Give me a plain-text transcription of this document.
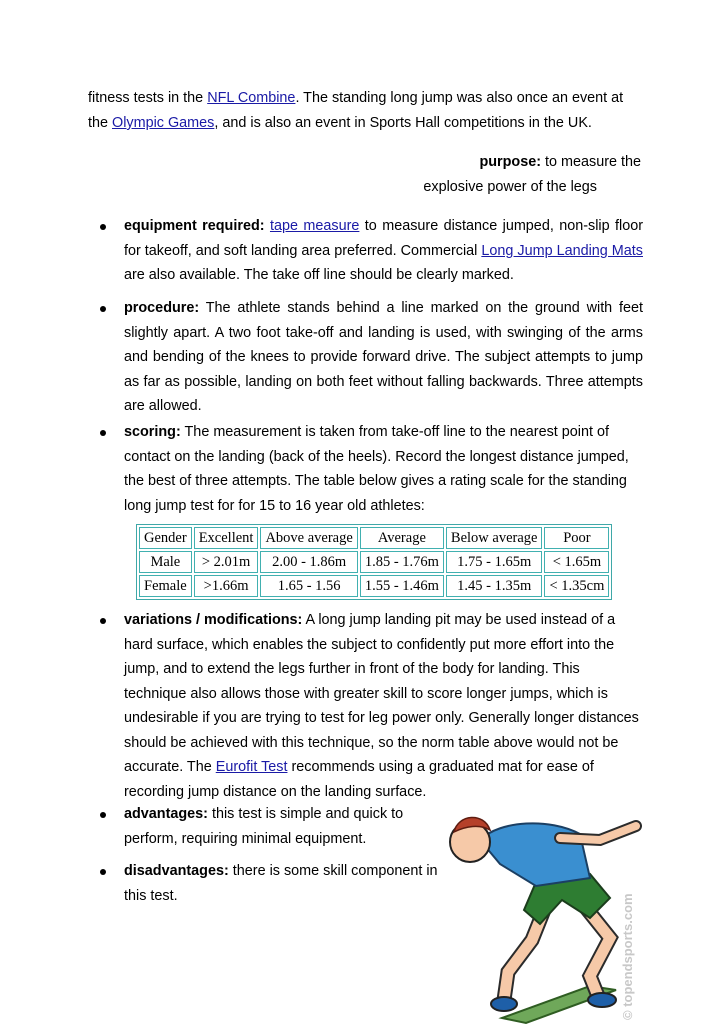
fitness tests in the NFL Combine. The standing long jump was also once an event at
the Olympic Games, and is also an event in Sports Hall competitions in the UK.

purpose: to measure the
explosive power of the legs

equipment required: tape measure to measure distance jumped, non-slip floor for takeoff, and soft landing area preferred. Commercial Long Jump Landing Mats are also available. The take off line should be clearly marked.
procedure: The athlete stands behind a line marked on the ground with feet slightly apart. A two foot take-off and landing is used, with swinging of the arms and bending of the knees to provide forward drive. The subject attempts to jump as far as possible, landing on both feet without falling backwards. Three attempts are allowed.
scoring: The measurement is taken from take-off line to the nearest point of contact on the landing (back of the heels). Record the longest distance jumped, the best of three attempts. The table below gives a rating scale for the standing long jump test for for 15 to 16 year old athletes:
variations / modifications: A long jump landing pit may be used instead of a hard surface, which enables the subject to confidently put more effort into the jump, and to extend the legs further in front of the body for landing. This technique also allows those with greater skill to score longer jumps, which is undesirable if you are trying to test for leg power only. Generally longer distances should be achieved with this technique, so the norm table above would not be accurate. The Eurofit Test recommends using a graduated mat for ease of recording jump distance on the landing surface.
advantages: this test is simple and quick to perform, requiring minimal equipment.
disadvantages: there is some skill component in this test.
Gender	Excellent	Above average	Average	Below average	Poor
Male	> 2.01m	2.00 - 1.86m	1.85 - 1.76m	1.75 - 1.65m	< 1.65m
Female	>1.66m	1.65 - 1.56	1.55 - 1.46m	1.45 - 1.35m	< 1.35cm
© topendsports.com
